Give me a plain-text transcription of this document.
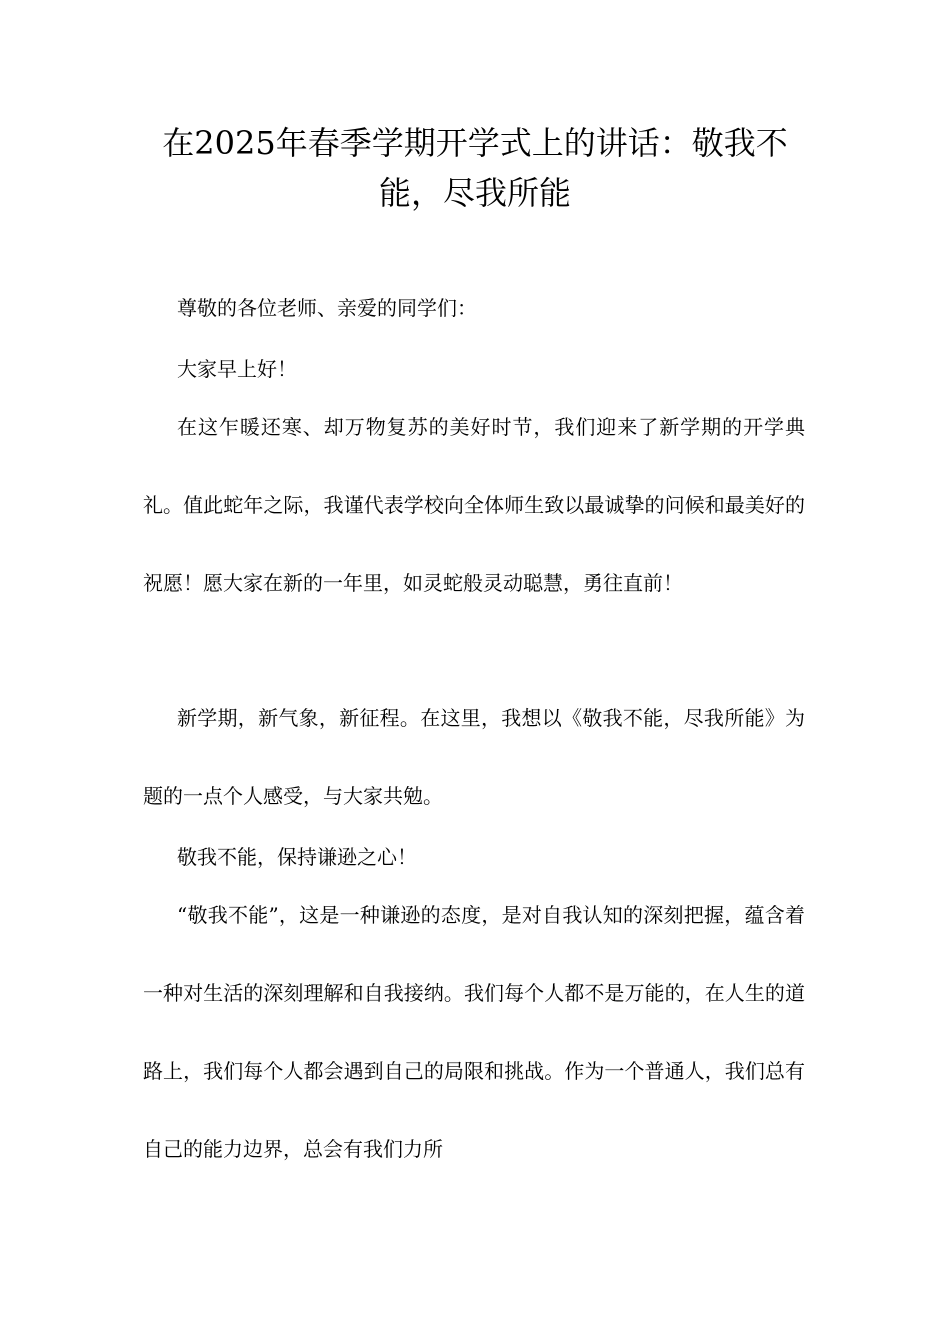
在2025年春季学期开学式上的讲话：敬我不能，尽我所能

尊敬的各位老师、亲爱的同学们：

大家早上好！

在这乍暖还寒、却万物复苏的美好时节，我们迎来了新学期的开学典礼。值此蛇年之际，我谨代表学校向全体师生致以最诚挚的问候和最美好的祝愿！愿大家在新的一年里，如灵蛇般灵动聪慧，勇往直前！

新学期，新气象，新征程。在这里，我想以《敬我不能，尽我所能》为题的一点个人感受，与大家共勉。

敬我不能，保持谦逊之心！

“敬我不能”，这是一种谦逊的态度，是对自我认知的深刻把握，蕴含着一种对生活的深刻理解和自我接纳。我们每个人都不是万能的，在人生的道路上，我们每个人都会遇到自己的局限和挑战。作为一个普通人，我们总有自己的能力边界，总会有我们力所
